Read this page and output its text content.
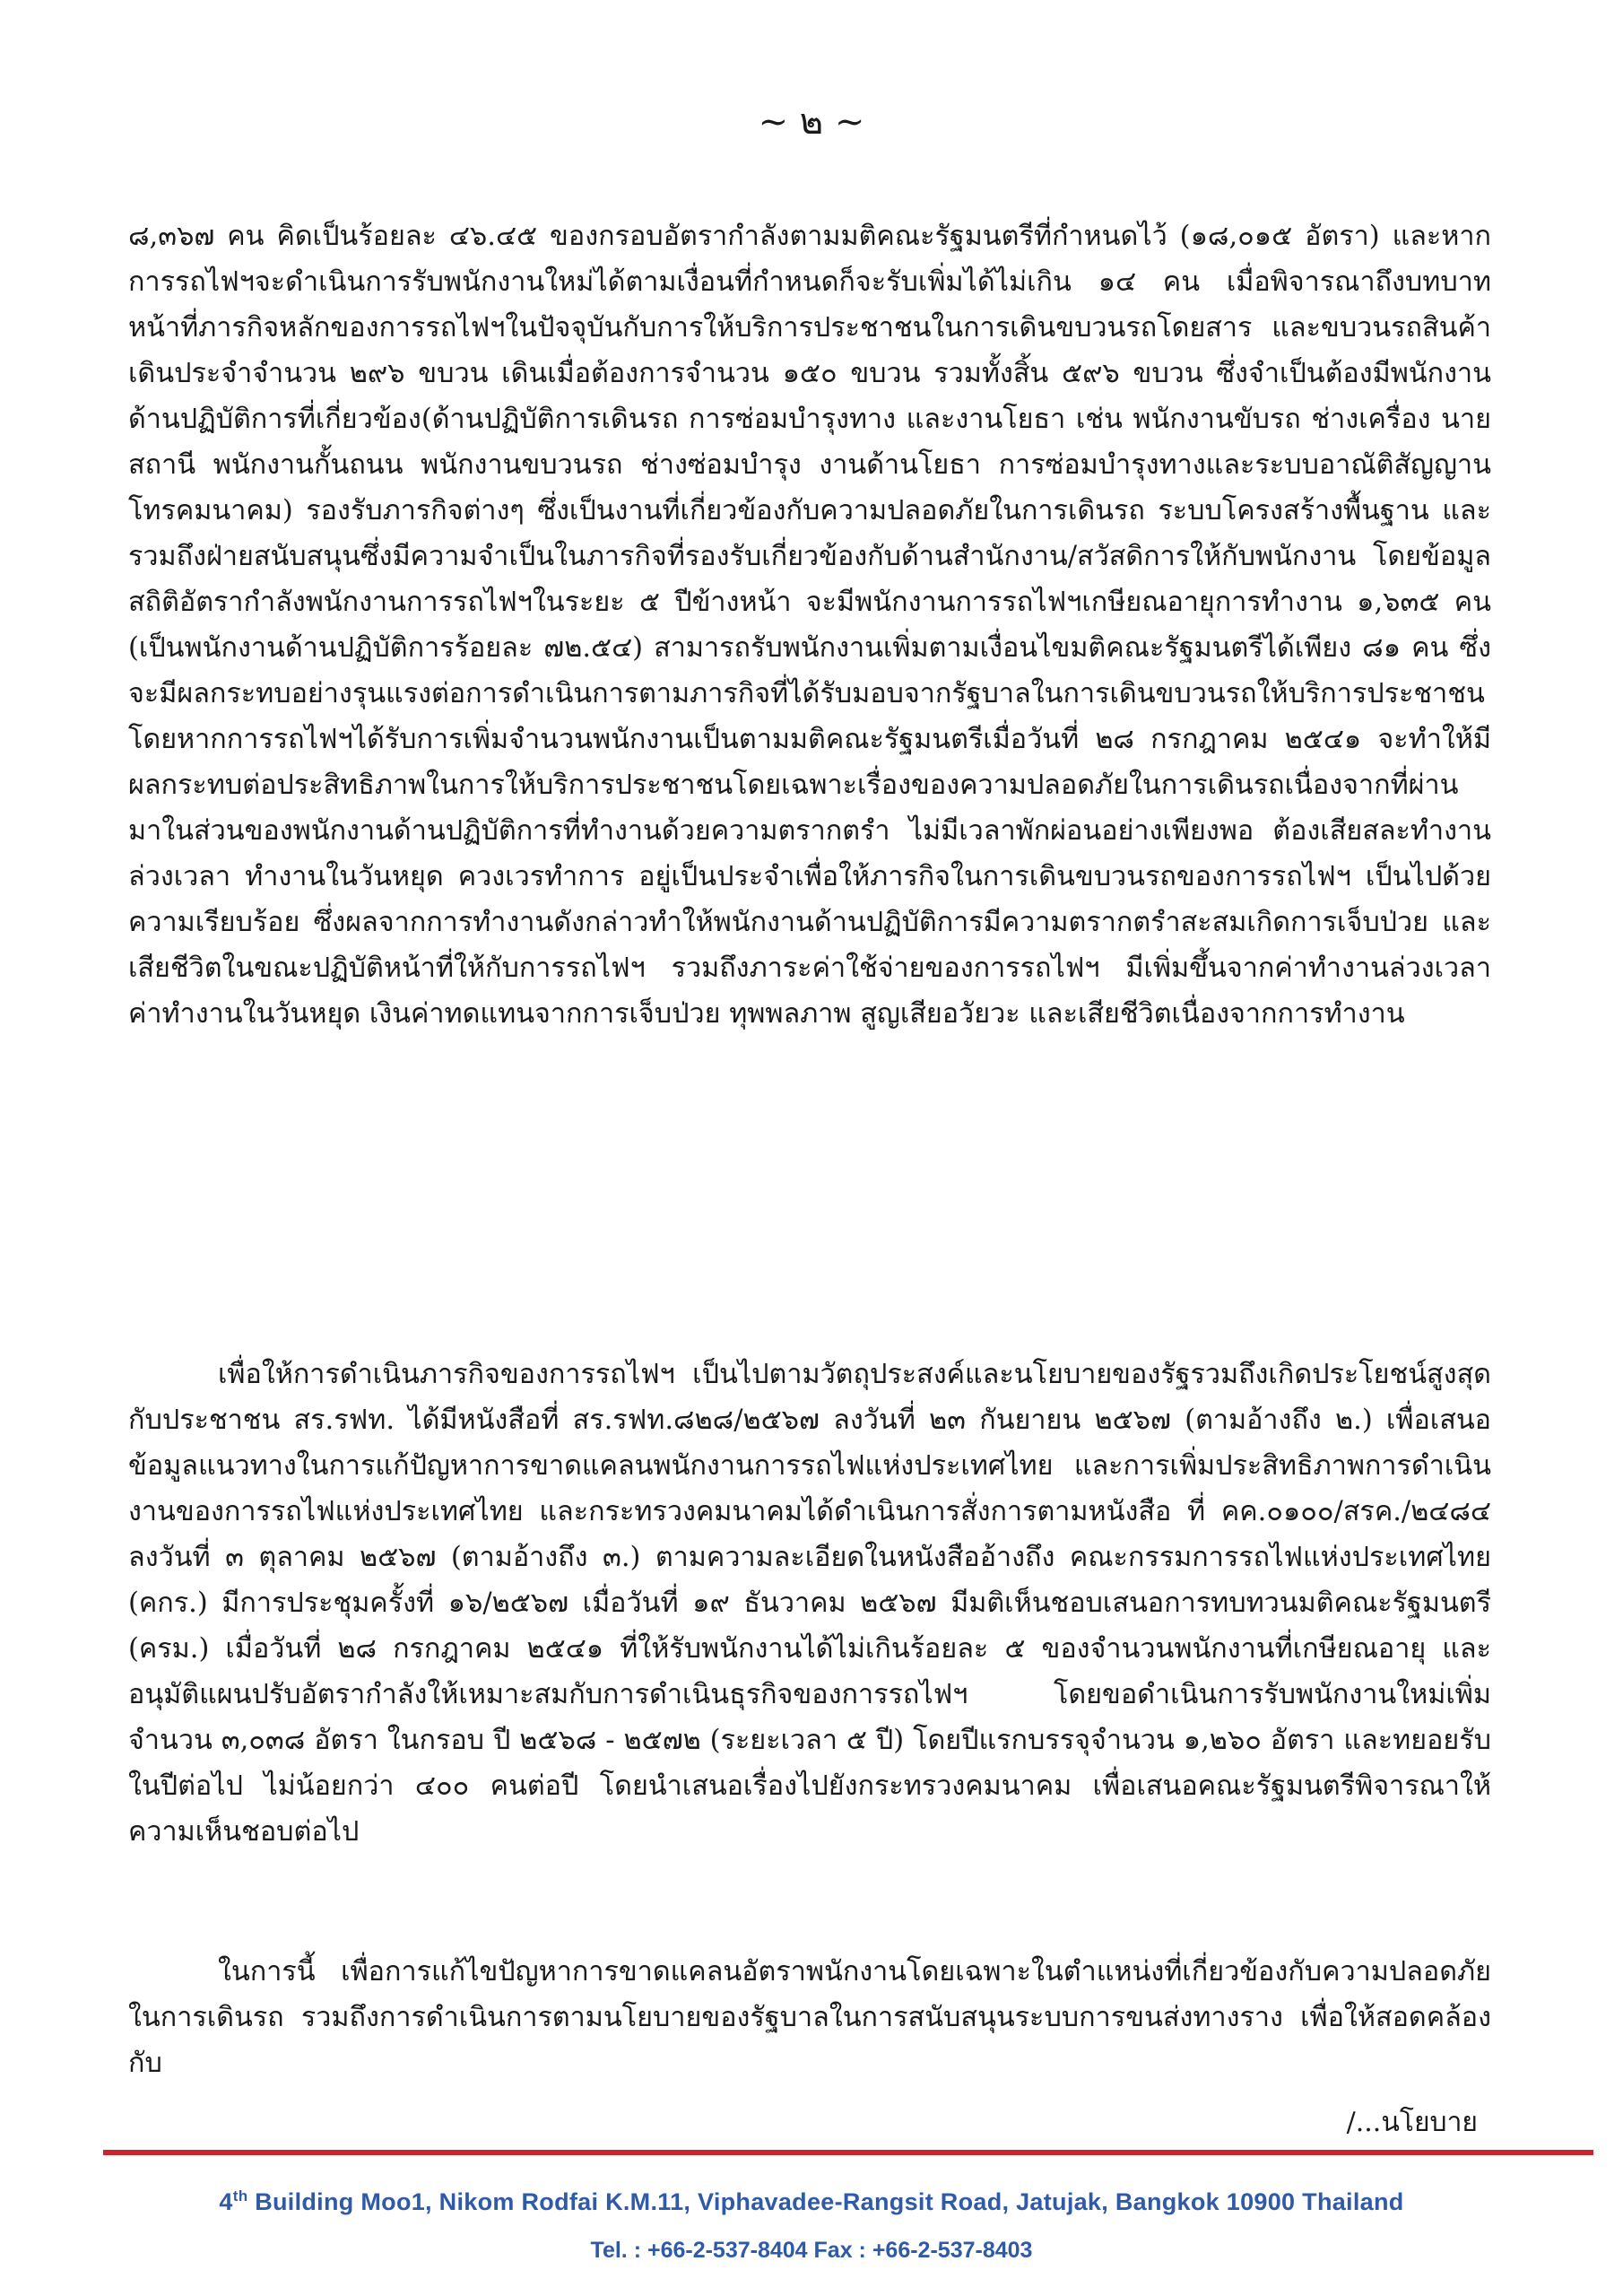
~ ๒ ~

๘,๓๖๗ คน คิดเป็นร้อยละ ๔๖.๔๕ ของกรอบอัตรากำลังตามมติคณะรัฐมนตรีที่กำหนดไว้ (๑๘,๐๑๕ อัตรา) และหากการรถไฟฯจะดำเนินการรับพนักงานใหม่ได้ตามเงื่อนที่กำหนดก็จะรับเพิ่มได้ไม่เกิน ๑๔ คน เมื่อพิจารณาถึงบทบาทหน้าที่ภารกิจหลักของการรถไฟฯในปัจจุบันกับการให้บริการประชาชนในการเดินขบวนรถโดยสาร และขบวนรถสินค้าเดินประจำจำนวน ๒๙๖ ขบวน เดินเมื่อต้องการจำนวน ๑๕๐ ขบวน รวมทั้งสิ้น ๕๙๖ ขบวน ซึ่งจำเป็นต้องมีพนักงานด้านปฏิบัติการที่เกี่ยวข้อง(ด้านปฏิบัติการเดินรถ การซ่อมบำรุงทาง และงานโยธา เช่น พนักงานขับรถ ช่างเครื่อง นายสถานี พนักงานกั้นถนน พนักงานขบวนรถ ช่างซ่อมบำรุง งานด้านโยธา การซ่อมบำรุงทางและระบบอาณัติสัญญานโทรคมนาคม) รองรับภารกิจต่างๆ ซึ่งเป็นงานที่เกี่ยวข้องกับความปลอดภัยในการเดินรถ ระบบโครงสร้างพื้นฐาน และรวมถึงฝ่ายสนับสนุนซึ่งมีความจำเป็นในภารกิจที่รองรับเกี่ยวข้องกับด้านสำนักงาน/สวัสดิการให้กับพนักงาน โดยข้อมูลสถิติอัตรากำลังพนักงานการรถไฟฯในระยะ ๕ ปีข้างหน้า จะมีพนักงานการรถไฟฯเกษียณอายุการทำงาน ๑,๖๓๕ คน (เป็นพนักงานด้านปฏิบัติการร้อยละ ๗๒.๕๔) สามารถรับพนักงานเพิ่มตามเงื่อนไขมติคณะรัฐมนตรีได้เพียง ๘๑ คน ซึ่งจะมีผลกระทบอย่างรุนแรงต่อการดำเนินการตามภารกิจที่ได้รับมอบจากรัฐบาลในการเดินขบวนรถให้บริการประชาชน โดยหากการรถไฟฯได้รับการเพิ่มจำนวนพนักงานเป็นตามมติคณะรัฐมนตรีเมื่อวันที่ ๒๘ กรกฎาคม ๒๕๔๑ จะทำให้มีผลกระทบต่อประสิทธิภาพในการให้บริการประชาชนโดยเฉพาะเรื่องของความปลอดภัยในการเดินรถเนื่องจากที่ผ่านมาในส่วนของพนักงานด้านปฏิบัติการที่ทำงานด้วยความตรากตรำ ไม่มีเวลาพักผ่อนอย่างเพียงพอ ต้องเสียสละทำงานล่วงเวลา ทำงานในวันหยุด ควงเวรทำการ อยู่เป็นประจำเพื่อให้ภารกิจในการเดินขบวนรถของการรถไฟฯ เป็นไปด้วยความเรียบร้อย ซึ่งผลจากการทำงานดังกล่าวทำให้พนักงานด้านปฏิบัติการมีความตรากตรำสะสมเกิดการเจ็บป่วย และเสียชีวิตในขณะปฏิบัติหน้าที่ให้กับการรถไฟฯ รวมถึงภาระค่าใช้จ่ายของการรถไฟฯ มีเพิ่มขึ้นจากค่าทำงานล่วงเวลา ค่าทำงานในวันหยุด เงินค่าทดแทนจากการเจ็บป่วย ทุพพลภาพ สูญเสียอวัยวะ และเสียชีวิตเนื่องจากการทำงาน

เพื่อให้การดำเนินภารกิจของการรถไฟฯ เป็นไปตามวัตถุประสงค์และนโยบายของรัฐรวมถึงเกิดประโยชน์สูงสุดกับประชาชน สร.รฟท. ได้มีหนังสือที่ สร.รฟท.๘๒๘/๒๕๖๗ ลงวันที่ ๒๓ กันยายน ๒๕๖๗ (ตามอ้างถึง ๒.) เพื่อเสนอข้อมูลแนวทางในการแก้ปัญหาการขาดแคลนพนักงานการรถไฟแห่งประเทศไทย และการเพิ่มประสิทธิภาพการดำเนินงานของการรถไฟแห่งประเทศไทย และกระทรวงคมนาคมได้ดำเนินการสั่งการตามหนังสือ ที่ คค.๐๑๐๐/สรค./๒๔๘๔ ลงวันที่ ๓ ตุลาคม ๒๕๖๗ (ตามอ้างถึง ๓.) ตามความละเอียดในหนังสืออ้างถึง คณะกรรมการรถไฟแห่งประเทศไทย (คกร.) มีการประชุมครั้งที่ ๑๖/๒๕๖๗ เมื่อวันที่ ๑๙ ธันวาคม ๒๕๖๗ มีมติเห็นชอบเสนอการทบทวนมติคณะรัฐมนตรี (ครม.) เมื่อวันที่ ๒๘ กรกฎาคม ๒๕๔๑ ที่ให้รับพนักงานได้ไม่เกินร้อยละ ๕ ของจำนวนพนักงานที่เกษียณอายุ และอนุมัติแผนปรับอัตรากำลังให้เหมาะสมกับการดำเนินธุรกิจของการรถไฟฯ โดยขอดำเนินการรับพนักงานใหม่เพิ่มจำนวน ๓,๐๓๘ อัตรา ในกรอบ ปี ๒๕๖๘ - ๒๕๗๒ (ระยะเวลา ๕ ปี) โดยปีแรกบรรจุจำนวน ๑,๒๖๐ อัตรา และทยอยรับในปีต่อไป ไม่น้อยกว่า ๔๐๐ คนต่อปี โดยนำเสนอเรื่องไปยังกระทรวงคมนาคม เพื่อเสนอคณะรัฐมนตรีพิจารณาให้ความเห็นชอบต่อไป

ในการนี้ เพื่อการแก้ไขปัญหาการขาดแคลนอัตราพนักงานโดยเฉพาะในตำแหน่งที่เกี่ยวข้องกับความปลอดภัยในการเดินรถ รวมถึงการดำเนินการตามนโยบายของรัฐบาลในการสนับสนุนระบบการขนส่งทางราง เพื่อให้สอดคล้องกับ

/...นโยบาย
4th Building Moo1, Nikom Rodfai K.M.11, Viphavadee-Rangsit Road, Jatujak, Bangkok 10900 Thailand
Tel. : +66-2-537-8404 Fax : +66-2-537-8403
